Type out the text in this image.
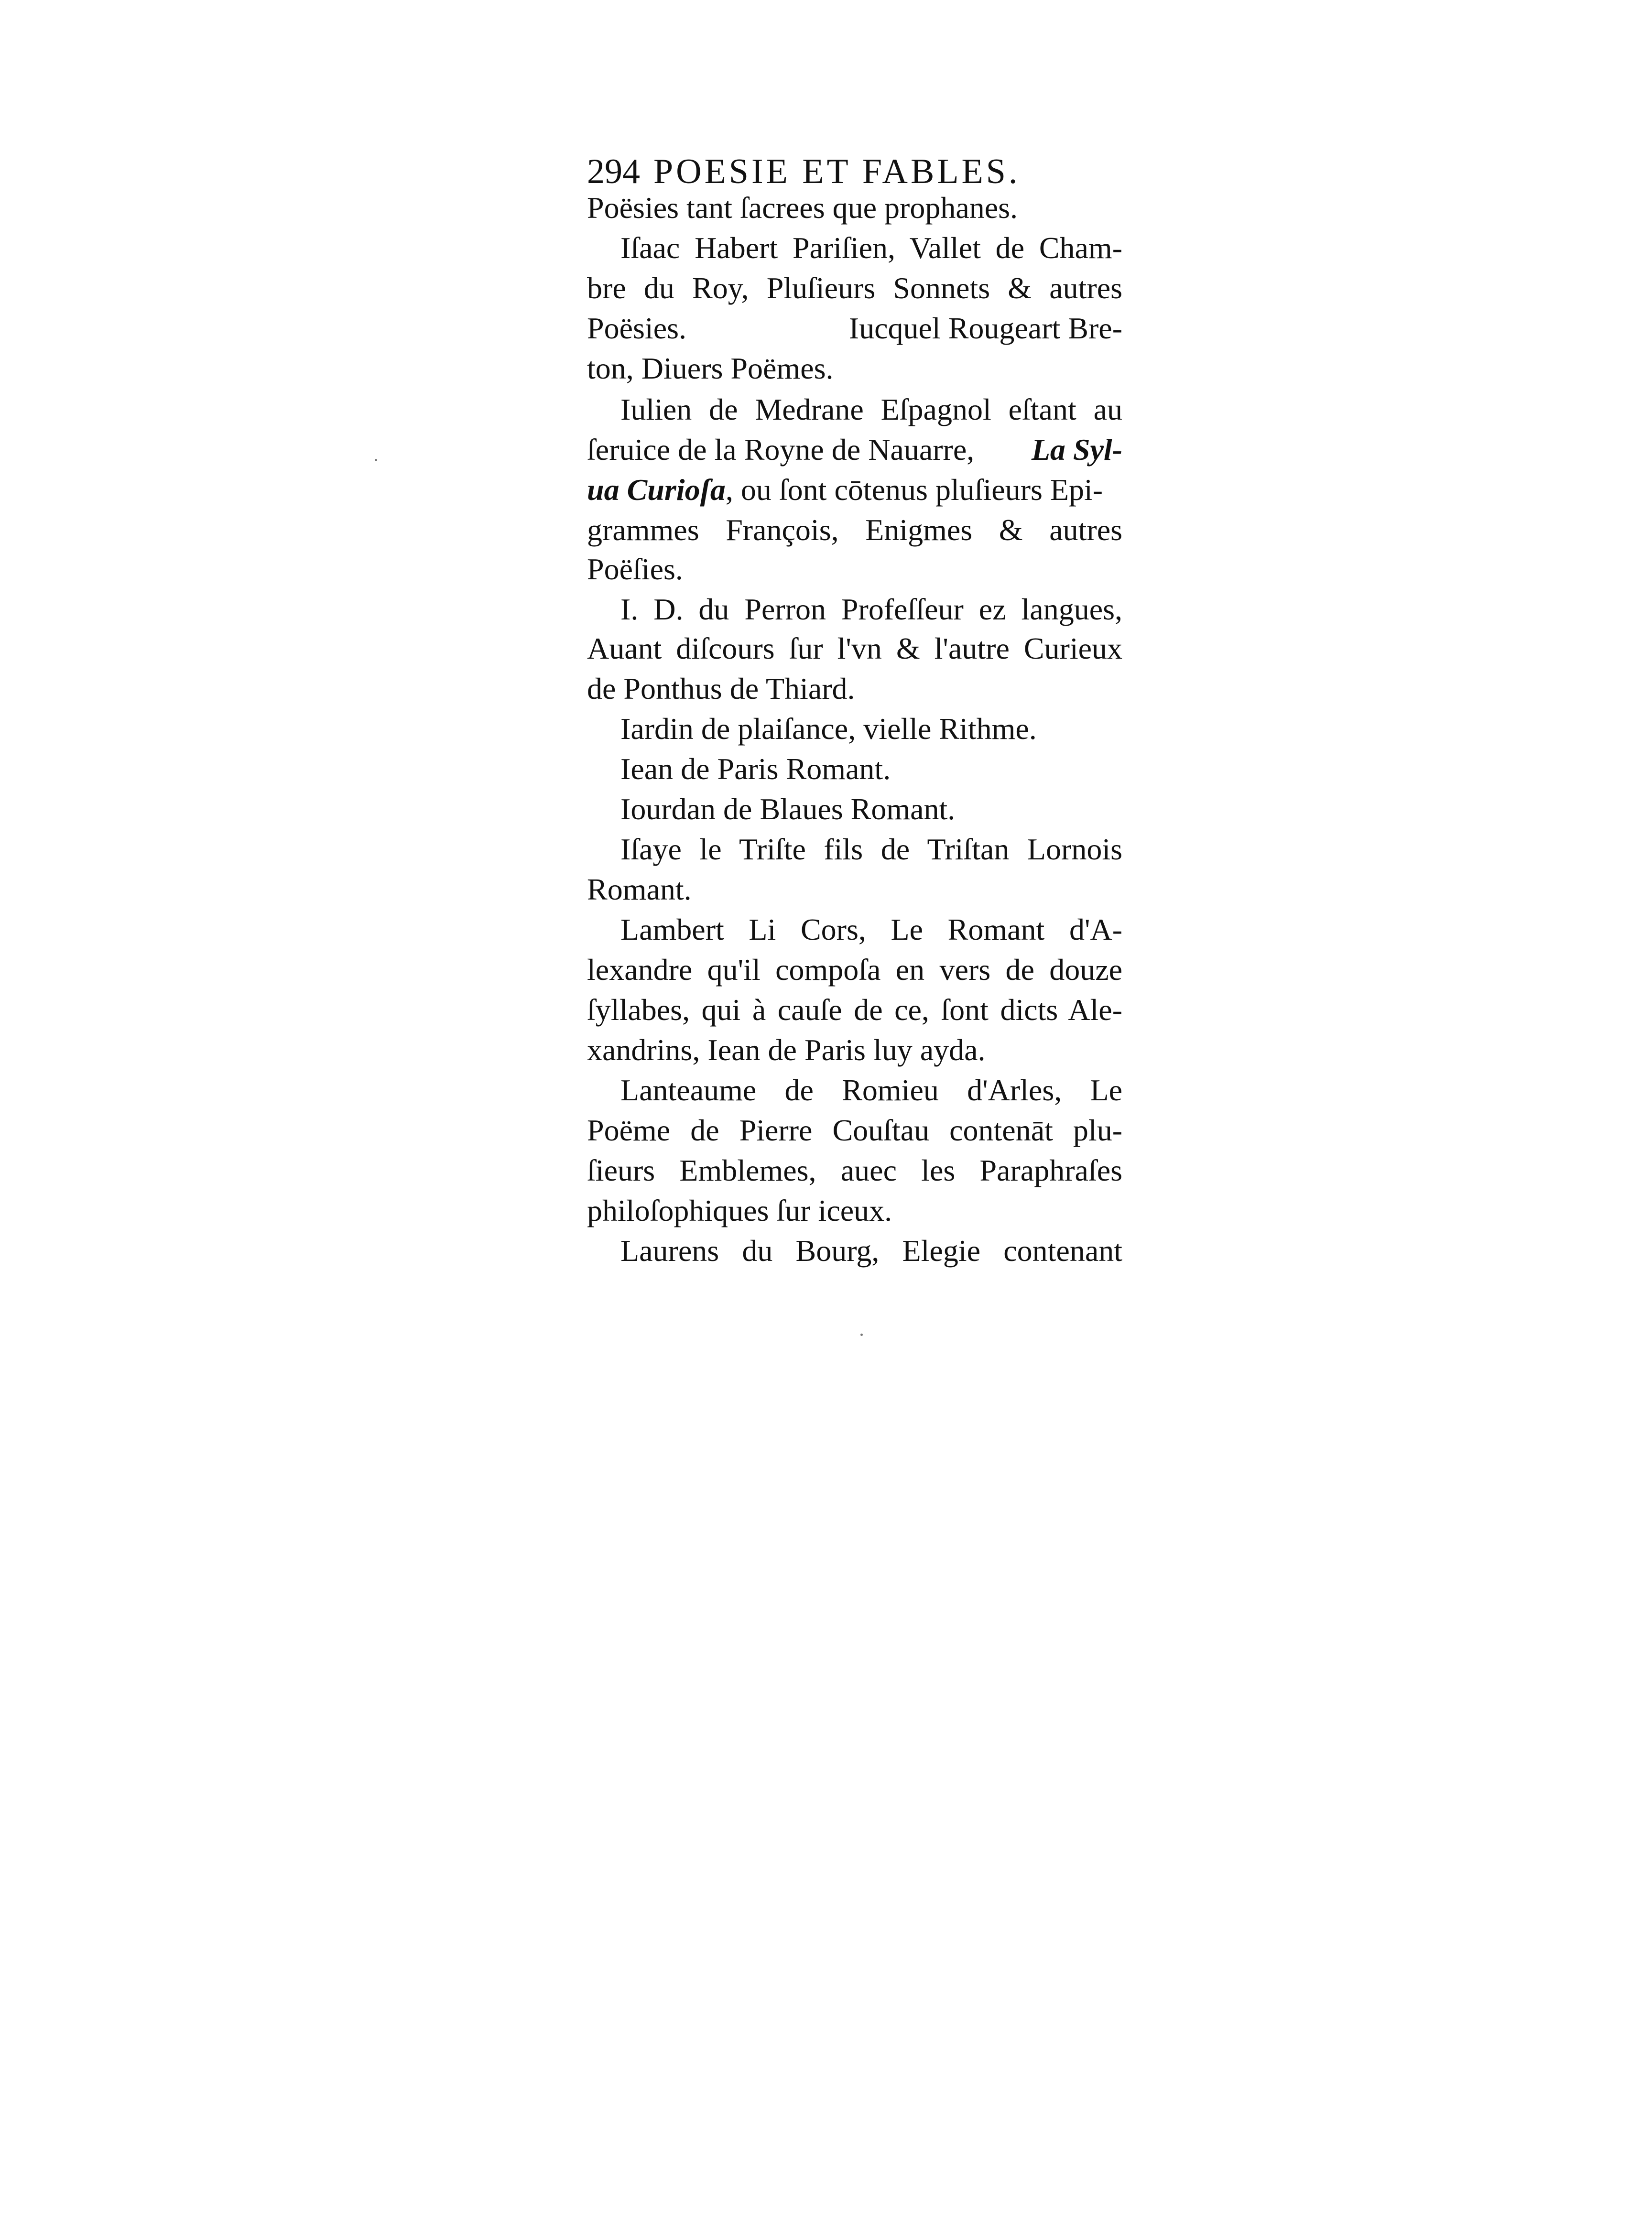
294 POESIE ET FABLES.
Poësies tant ſacrees que prophanes.
Iſaac Habert Pariſien, Vallet de Cham-
bre du Roy, Pluſieurs Sonnets & autres
Poësies.	Iucquel Rougeart Bre-
ton, Diuers Poëmes.
Iulien de Medrane Eſpagnol eſtant au
ſeruice de la Royne de Nauarre, La Syl-
ua Curioſa, ou ſont cōtenus pluſieurs Epi-
grammes François, Enigmes & autres
Poëſies.
I. D. du Perron Profeſſeur ez langues,
Auant diſcours ſur l'vn & l'autre Curieux
de Ponthus de Thiard.
Iardin de plaiſance, vielle Rithme.
Iean de Paris Romant.
Iourdan de Blaues Romant.
Iſaye le Triſte fils de Triſtan Lornois
Romant.
Lambert Li Cors, Le Romant d'A-
lexandre qu'il compoſa en vers de douze
ſyllabes, qui à cauſe de ce, ſont dicts Ale-
xandrins, Iean de Paris luy ayda.
Lanteaume de Romieu d'Arles, Le
Poëme de Pierre Couſtau contenāt plu-
ſieurs Emblemes, auec les Paraphraſes
philoſophiques ſur iceux.
Laurens du Bourg, Elegie contenant
